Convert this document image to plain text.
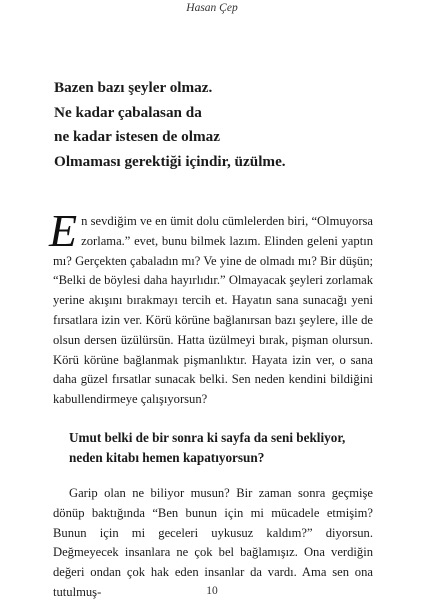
Hasan Çep
Bazen bazı şeyler olmaz.
Ne kadar çabalasan da
ne kadar istesen de olmaz
Olmaması gerektiği içindir, üzülme.
En sevdiğim ve en ümit dolu cümlelerden biri, “Olmuyorsa zorlama.” evet, bunu bilmek lazım. Elinden geleni yaptın mı? Gerçekten çabaladın mı? Ve yine de olmadı mı? Bir düşün; “Belki de böylesi daha hayırlıdır.” Olmayacak şeyleri zorlamak yerine akışını bırakmayı tercih et. Hayatın sana sunacağı yeni fırsatlara izin ver. Körü körüne bağlanırsan bazı şeylere, ille de olsun dersen üzülürsün. Hatta üzülmeyi bırak, pişman olursun. Körü körüne bağlanmak pişmanlıktır. Hayata izin ver, o sana daha güzel fırsatlar sunacak belki. Sen neden kendini bildiğini kabullendirmeye çalışıyorsun?
Umut belki de bir sonra ki sayfa da seni bekliyor, neden kitabı hemen kapatıyorsun?
Garip olan ne biliyor musun? Bir zaman sonra geçmişe dönüp baktığında “Ben bunun için mi mücadele etmişim? Bunun için mi geceleri uykusuz kaldım?” diyorsun. Değmeyecek insanlara ne çok bel bağlamışız. Ona verdiğin değeri ondan çok hak eden insanlar da vardı. Ama sen ona tutulmuş-	10
